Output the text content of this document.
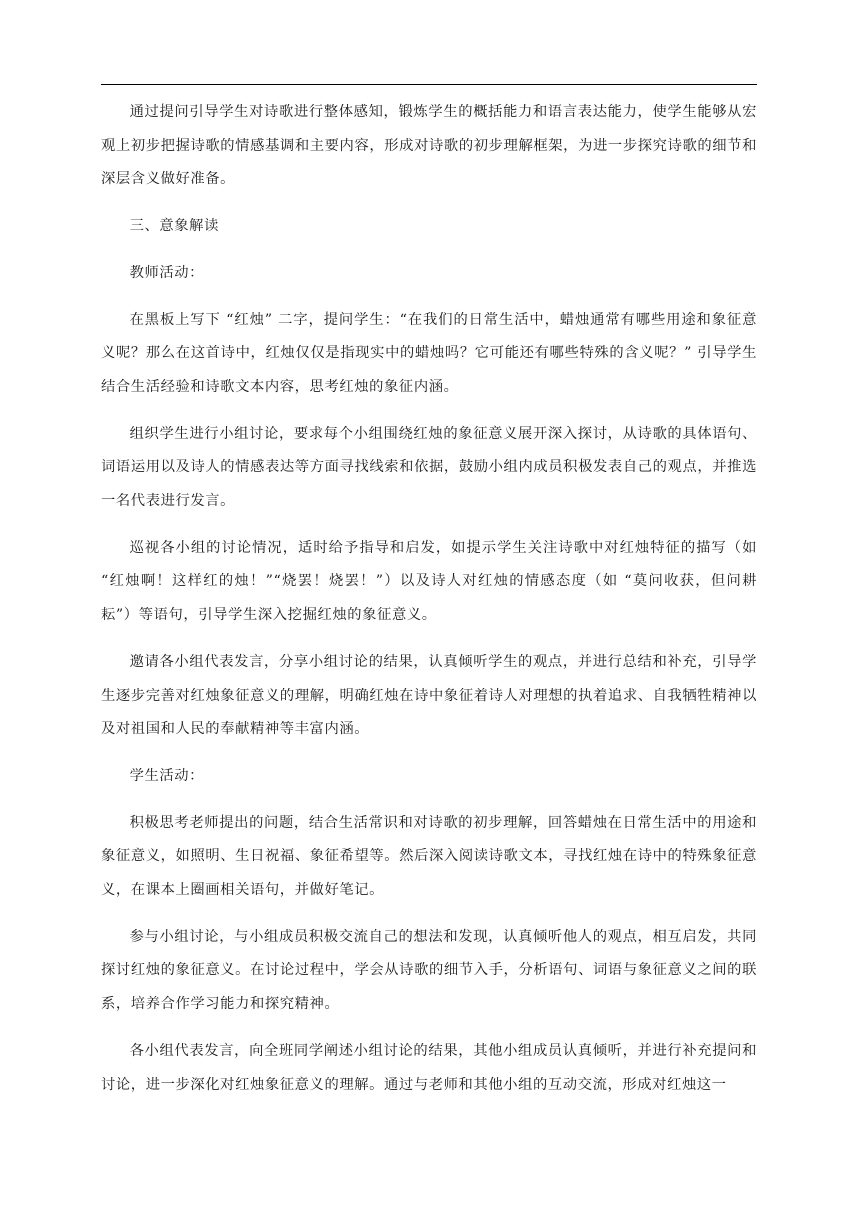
通过提问引导学生对诗歌进行整体感知，锻炼学生的概括能力和语言表达能力，使学生能够从宏观上初步把握诗歌的情感基调和主要内容，形成对诗歌的初步理解框架，为进一步探究诗歌的细节和深层含义做好准备。

三、意象解读

教师活动：

在黑板上写下 “红烛” 二字，提问学生：“在我们的日常生活中，蜡烛通常有哪些用途和象征意义呢？那么在这首诗中，红烛仅仅是指现实中的蜡烛吗？它可能还有哪些特殊的含义呢？” 引导学生结合生活经验和诗歌文本内容，思考红烛的象征内涵。

组织学生进行小组讨论，要求每个小组围绕红烛的象征意义展开深入探讨，从诗歌的具体语句、词语运用以及诗人的情感表达等方面寻找线索和依据，鼓励小组内成员积极发表自己的观点，并推选一名代表进行发言。

巡视各小组的讨论情况，适时给予指导和启发，如提示学生关注诗歌中对红烛特征的描写（如 “红烛啊！这样红的烛！”“烧罢！烧罢！”）以及诗人对红烛的情感态度（如 “莫问收获，但问耕耘”）等语句，引导学生深入挖掘红烛的象征意义。

邀请各小组代表发言，分享小组讨论的结果，认真倾听学生的观点，并进行总结和补充，引导学生逐步完善对红烛象征意义的理解，明确红烛在诗中象征着诗人对理想的执着追求、自我牺牲精神以及对祖国和人民的奉献精神等丰富内涵。

学生活动：

积极思考老师提出的问题，结合生活常识和对诗歌的初步理解，回答蜡烛在日常生活中的用途和象征意义，如照明、生日祝福、象征希望等。然后深入阅读诗歌文本，寻找红烛在诗中的特殊象征意义，在课本上圈画相关语句，并做好笔记。

参与小组讨论，与小组成员积极交流自己的想法和发现，认真倾听他人的观点，相互启发，共同探讨红烛的象征意义。在讨论过程中，学会从诗歌的细节入手，分析语句、词语与象征意义之间的联系，培养合作学习能力和探究精神。

各小组代表发言，向全班同学阐述小组讨论的结果，其他小组成员认真倾听，并进行补充提问和讨论，进一步深化对红烛象征意义的理解。通过与老师和其他小组的互动交流，形成对红烛这一
